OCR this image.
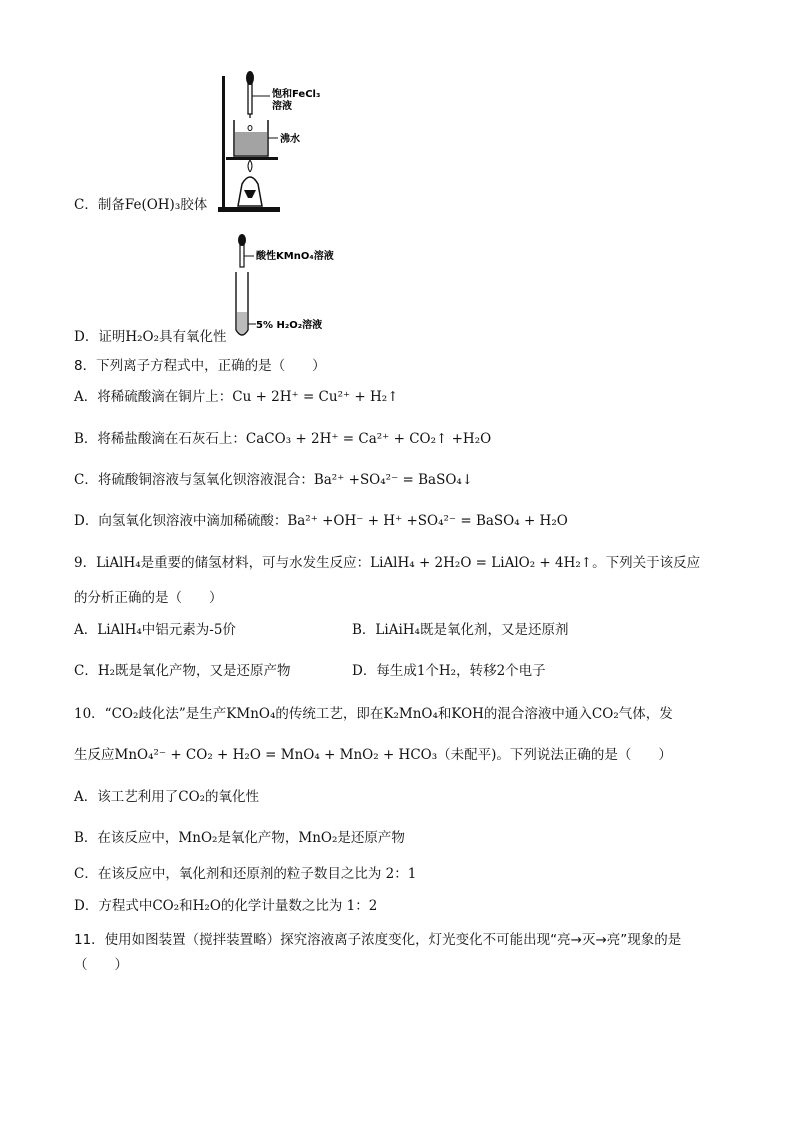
饱和FeCl₃
溶液
沸水
C．制备Fe(OH)₃胶体
酸性KMnO₄溶液
5% H₂O₂溶液
D．证明H₂O₂具有氧化性
8．下列离子方程式中，正确的是（　　）
A．将稀硫酸滴在铜片上：Cu + 2H⁺ = Cu²⁺ + H₂↑
B．将稀盐酸滴在石灰石上：CaCO₃ + 2H⁺ = Ca²⁺ + CO₂↑ +H₂O
C．将硫酸铜溶液与氢氧化钡溶液混合：Ba²⁺ +SO₄²⁻ = BaSO₄↓
D．向氢氧化钡溶液中滴加稀硫酸：Ba²⁺ +OH⁻ + H⁺ +SO₄²⁻ = BaSO₄ + H₂O
9．LiAlH₄是重要的储氢材料，可与水发生反应：LiAlH₄ + 2H₂O = LiAlO₂ + 4H₂↑。下列关于该反应
的分析正确的是（　　）
A．LiAlH₄中铝元素为-5价	B．LiAiH₄既是氧化剂，又是还原剂
C．H₂既是氧化产物，又是还原产物	D．每生成1个H₂，转移2个电子
10．“CO₂歧化法”是生产KMnO₄的传统工艺，即在K₂MnO₄和KOH的混合溶液中通入CO₂气体，发
生反应MnO₄²⁻ + CO₂ + H₂O = MnO₄ + MnO₂ + HCO₃（未配平)。下列说法正确的是（　　）
A．该工艺利用了CO₂的氧化性
B．在该反应中，MnO₂是氧化产物，MnO₂是还原产物
C．在该反应中，氧化剂和还原剂的粒子数目之比为 2：1
D．方程式中CO₂和H₂O的化学计量数之比为 1：2
11．使用如图装置（搅拌装置略）探究溶液离子浓度变化，灯光变化不可能出现“亮→灭→亮”现象的是
（　　）
